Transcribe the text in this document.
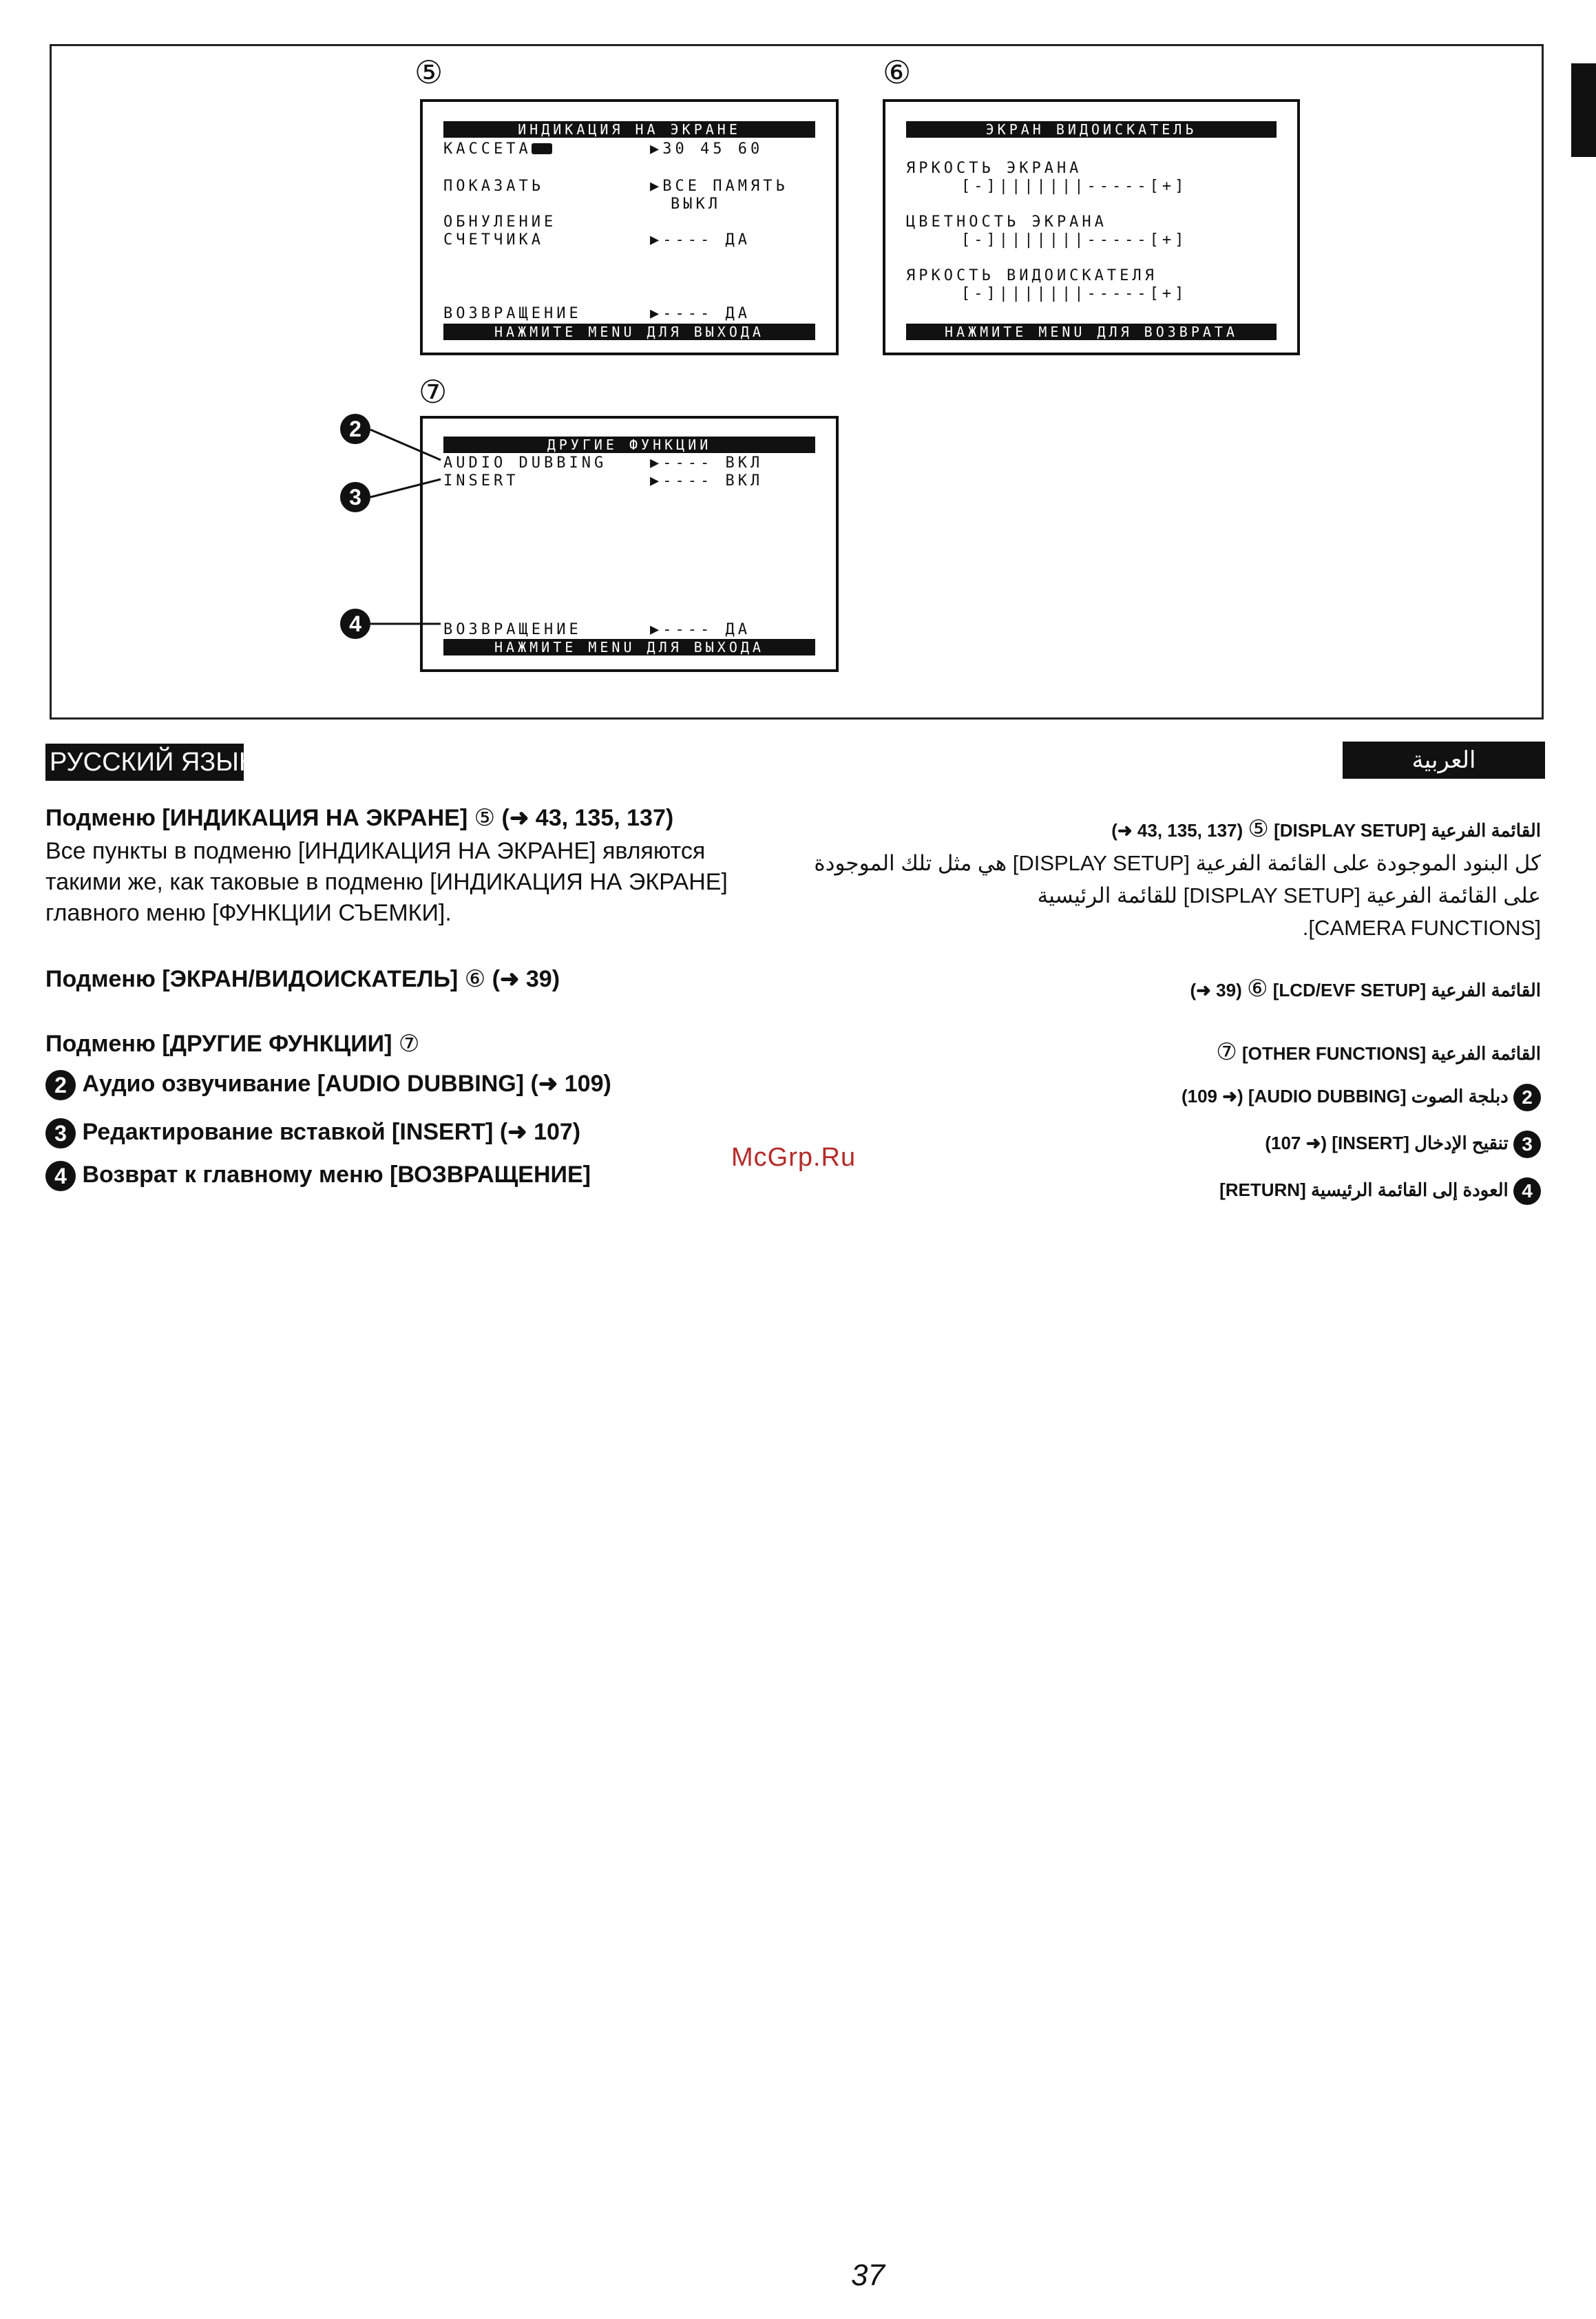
⑤
ИНДИКАЦИЯ НА ЭКРАНЕ
КАССЕТА	▶30 45 60
ПОКАЗАТЬ	▶ВСЕ ПАМЯТЬ
ВЫКЛ
ОБНУЛЕНИЕ
СЧЕТЧИКА	▶---- ДА
ВОЗВРАЩЕНИЕ	▶---- ДА
НАЖМИТЕ MENU ДЛЯ ВЫХОДА
⑥
ЭКРАН ВИДОИСКАТЕЛЬ
ЯРКОСТЬ ЭКРАНА
[-]|||||||-----[+]
ЦВЕТНОСТЬ ЭКРАНА
[-]|||||||-----[+]
ЯРКОСТЬ ВИДОИСКАТЕЛЯ
[-]|||||||-----[+]
НАЖМИТЕ MENU ДЛЯ ВОЗВРАТА
⑦
ДРУГИЕ ФУНКЦИИ
AUDIO DUBBING	▶---- ВКЛ
INSERT	▶---- ВКЛ
ВОЗВРАЩЕНИЕ	▶---- ДА
НАЖМИТЕ MENU ДЛЯ ВЫХОДА
2
3
4
РУССКИЙ ЯЗЫК	العربية
Подменю [ИНДИКАЦИЯ НА ЭКРАНЕ] ⑤ (➜ 43, 135, 137)
Все пункты в подменю [ИНДИКАЦИЯ НА ЭКРАНЕ] являются
такими же, как таковые в подменю [ИНДИКАЦИЯ НА ЭКРАНЕ]
главного меню [ФУНКЦИИ СЪЕМКИ].
Подменю [ЭКРАН/ВИДОИСКАТЕЛЬ] ⑥ (➜ 39)
Подменю [ДРУГИЕ ФУНКЦИИ] ⑦
2 Аудио озвучивание [AUDIO DUBBING] (➜ 109)
3 Редактирование вставкой [INSERT] (➜ 107)
4 Возврат к главному меню [ВОЗВРАЩЕНИЕ]
McGrp.Ru
القائمة الفرعية [DISPLAY SETUP] ⑤ (➜ 43, 135, 137)
كل البنود الموجودة على القائمة الفرعية [DISPLAY SETUP] هي مثل تلك الموجودة
على القائمة الفرعية [DISPLAY SETUP] للقائمة الرئيسية
.[CAMERA FUNCTIONS]
القائمة الفرعية [LCD/EVF SETUP] ⑥ (➜ 39)
القائمة الفرعية [OTHER FUNCTIONS] ⑦
2 دبلجة الصوت [AUDIO DUBBING] (➜ 109)
3 تنقيح الإدخال [INSERT] (➜ 107)
4 العودة إلى القائمة الرئيسية [RETURN]
37
